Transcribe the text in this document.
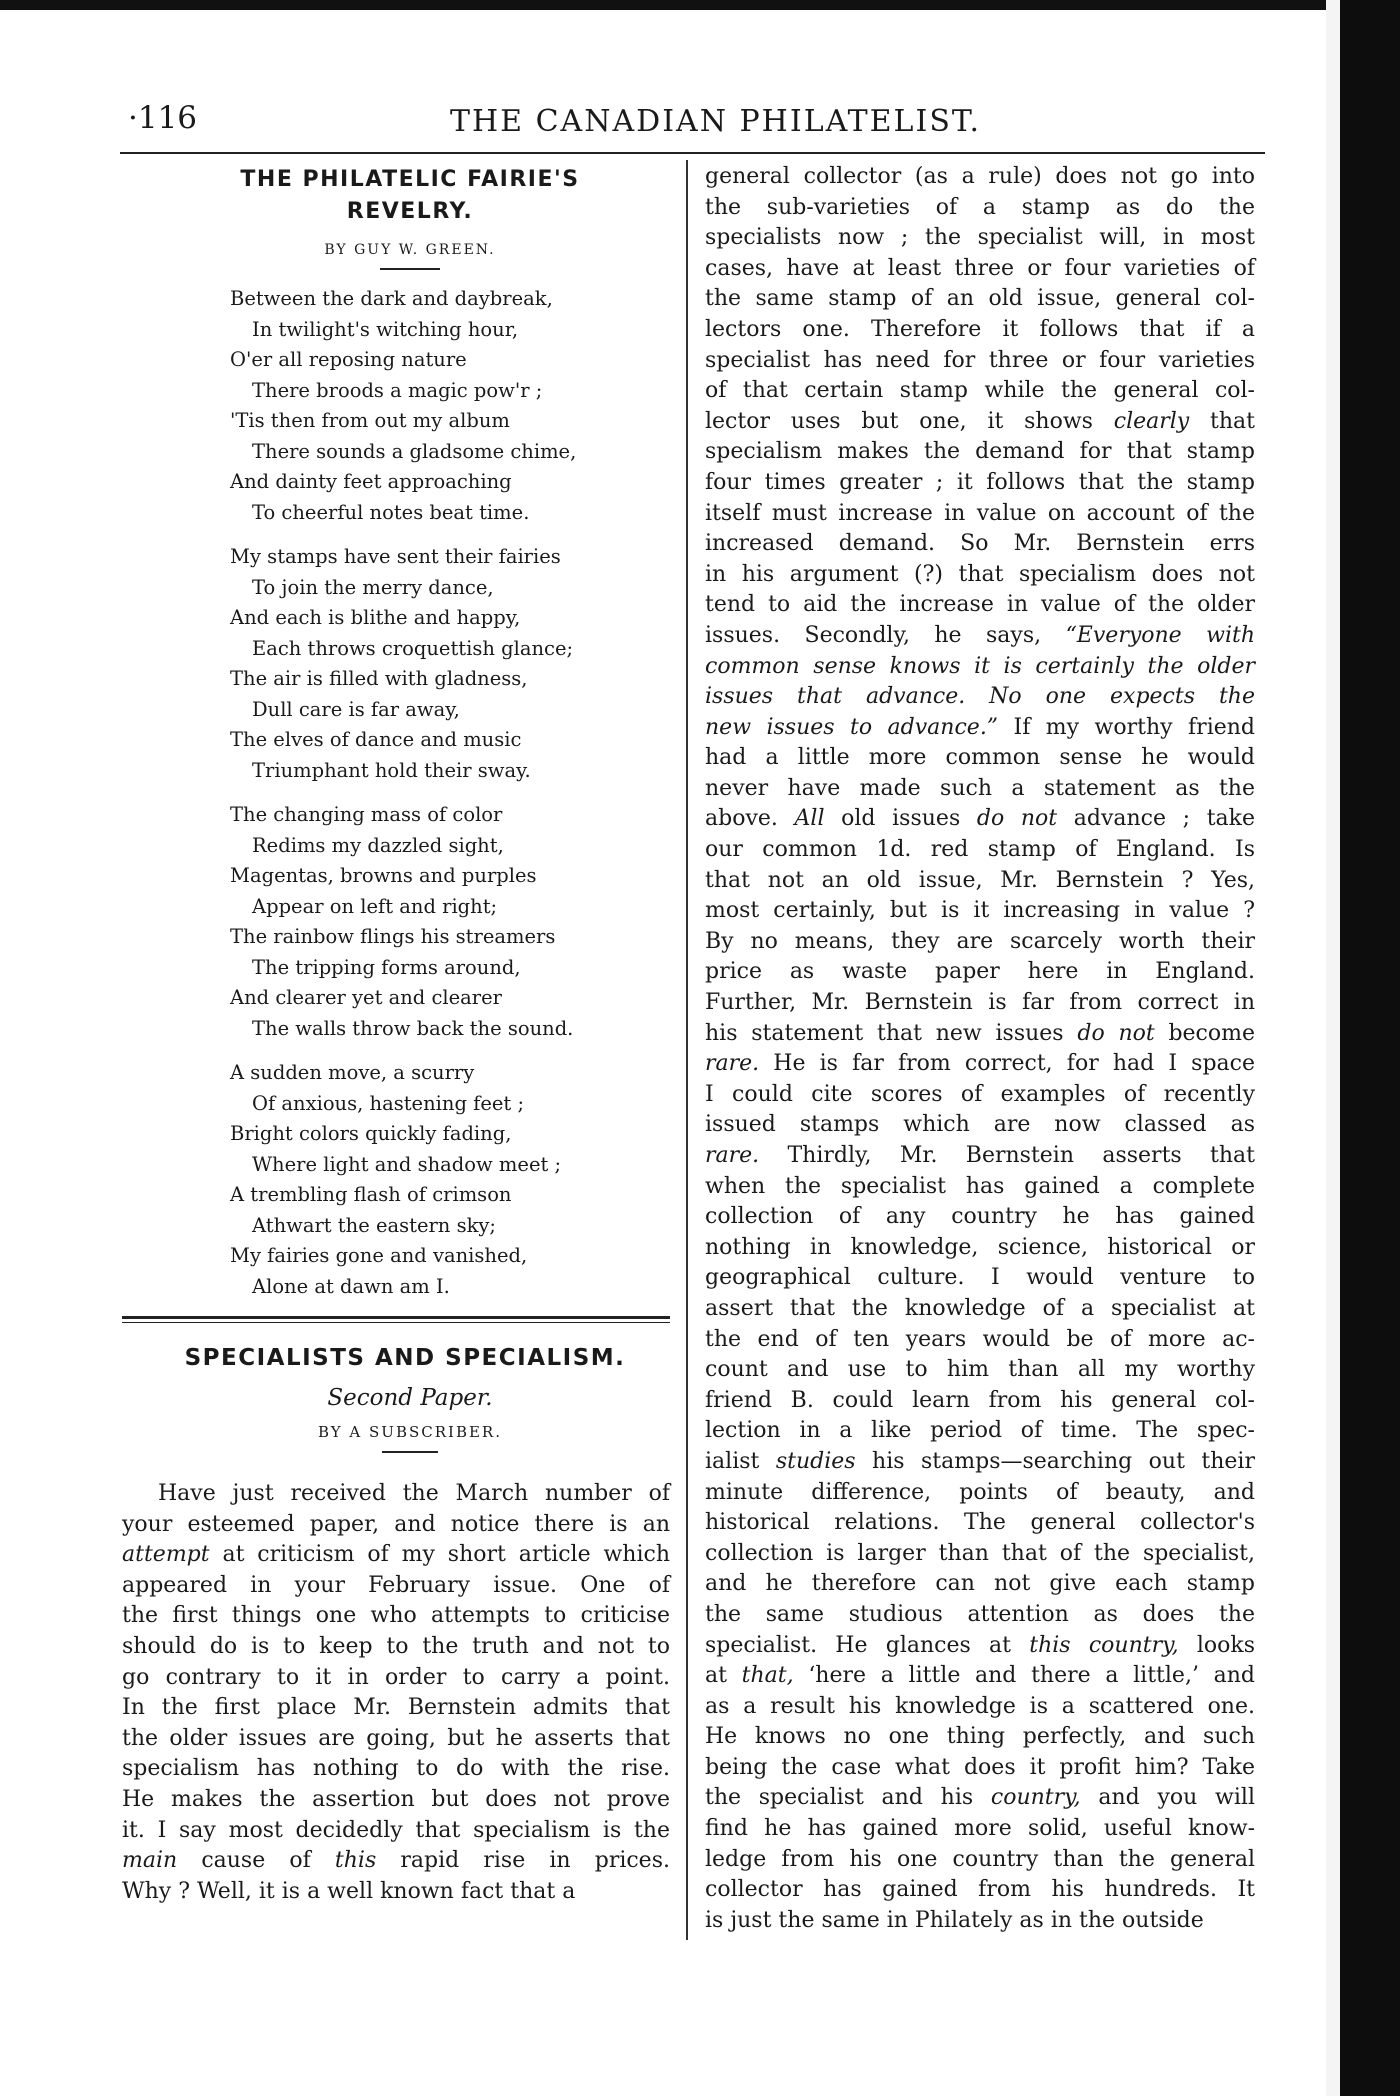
·116	THE CANADIAN PHILATELIST.
THE PHILATELIC FAIRIE'S
REVELRY.
BY GUY W. GREEN.
Between the dark and daybreak,
In twilight's witching hour,
O'er all reposing nature
There broods a magic pow'r ;
'Tis then from out my album
There sounds a gladsome chime,
And dainty feet approaching
To cheerful notes beat time.
My stamps have sent their fairies
To join the merry dance,
And each is blithe and happy,
Each throws croquettish glance;
The air is filled with gladness,
Dull care is far away,
The elves of dance and music
Triumphant hold their sway.
The changing mass of color
Redims my dazzled sight,
Magentas, browns and purples
Appear on left and right;
The rainbow flings his streamers
The tripping forms around,
And clearer yet and clearer
The walls throw back the sound.
A sudden move, a scurry
Of anxious, hastening feet ;
Bright colors quickly fading,
Where light and shadow meet ;
A trembling flash of crimson
Athwart the eastern sky;
My fairies gone and vanished,
Alone at dawn am I.
SPECIALISTS AND SPECIALISM.
Second Paper.
BY A SUBSCRIBER.
Have just received the March number of
your esteemed paper, and notice there is an
attempt at criticism of my short article which
appeared in your February issue. One of
the first things one who attempts to criticise
should do is to keep to the truth and not to
go contrary to it in order to carry a point.
In the first place Mr. Bernstein admits that
the older issues are going, but he asserts that
specialism has nothing to do with the rise.
He makes the assertion but does not prove
it. I say most decidedly that specialism is the
main cause of this rapid rise in prices.
Why ? Well, it is a well known fact that a
general collector (as a rule) does not go into
the sub-varieties of a stamp as do the
specialists now ; the specialist will, in most
cases, have at least three or four varieties of
the same stamp of an old issue, general col-
lectors one. Therefore it follows that if a
specialist has need for three or four varieties
of that certain stamp while the general col-
lector uses but one, it shows clearly that
specialism makes the demand for that stamp
four times greater ; it follows that the stamp
itself must increase in value on account of the
increased demand. So Mr. Bernstein errs
in his argument (?) that specialism does not
tend to aid the increase in value of the older
issues. Secondly, he says, “Everyone with
common sense knows it is certainly the older
issues that advance. No one expects the
new issues to advance.” If my worthy friend
had a little more common sense he would
never have made such a statement as the
above. All old issues do not advance ; take
our common 1d. red stamp of England. Is
that not an old issue, Mr. Bernstein ? Yes,
most certainly, but is it increasing in value ?
By no means, they are scarcely worth their
price as waste paper here in England.
Further, Mr. Bernstein is far from correct in
his statement that new issues do not become
rare. He is far from correct, for had I space
I could cite scores of examples of recently
issued stamps which are now classed as
rare. Thirdly, Mr. Bernstein asserts that
when the specialist has gained a complete
collection of any country he has gained
nothing in knowledge, science, historical or
geographical culture. I would venture to
assert that the knowledge of a specialist at
the end of ten years would be of more ac-
count and use to him than all my worthy
friend B. could learn from his general col-
lection in a like period of time. The spec-
ialist studies his stamps—searching out their
minute difference, points of beauty, and
historical relations. The general collector's
collection is larger than that of the specialist,
and he therefore can not give each stamp
the same studious attention as does the
specialist. He glances at this country, looks
at that, ‘here a little and there a little,’ and
as a result his knowledge is a scattered one.
He knows no one thing perfectly, and such
being the case what does it profit him? Take
the specialist and his country, and you will
find he has gained more solid, useful know-
ledge from his one country than the general
collector has gained from his hundreds. It
is just the same in Philately as in the outside
